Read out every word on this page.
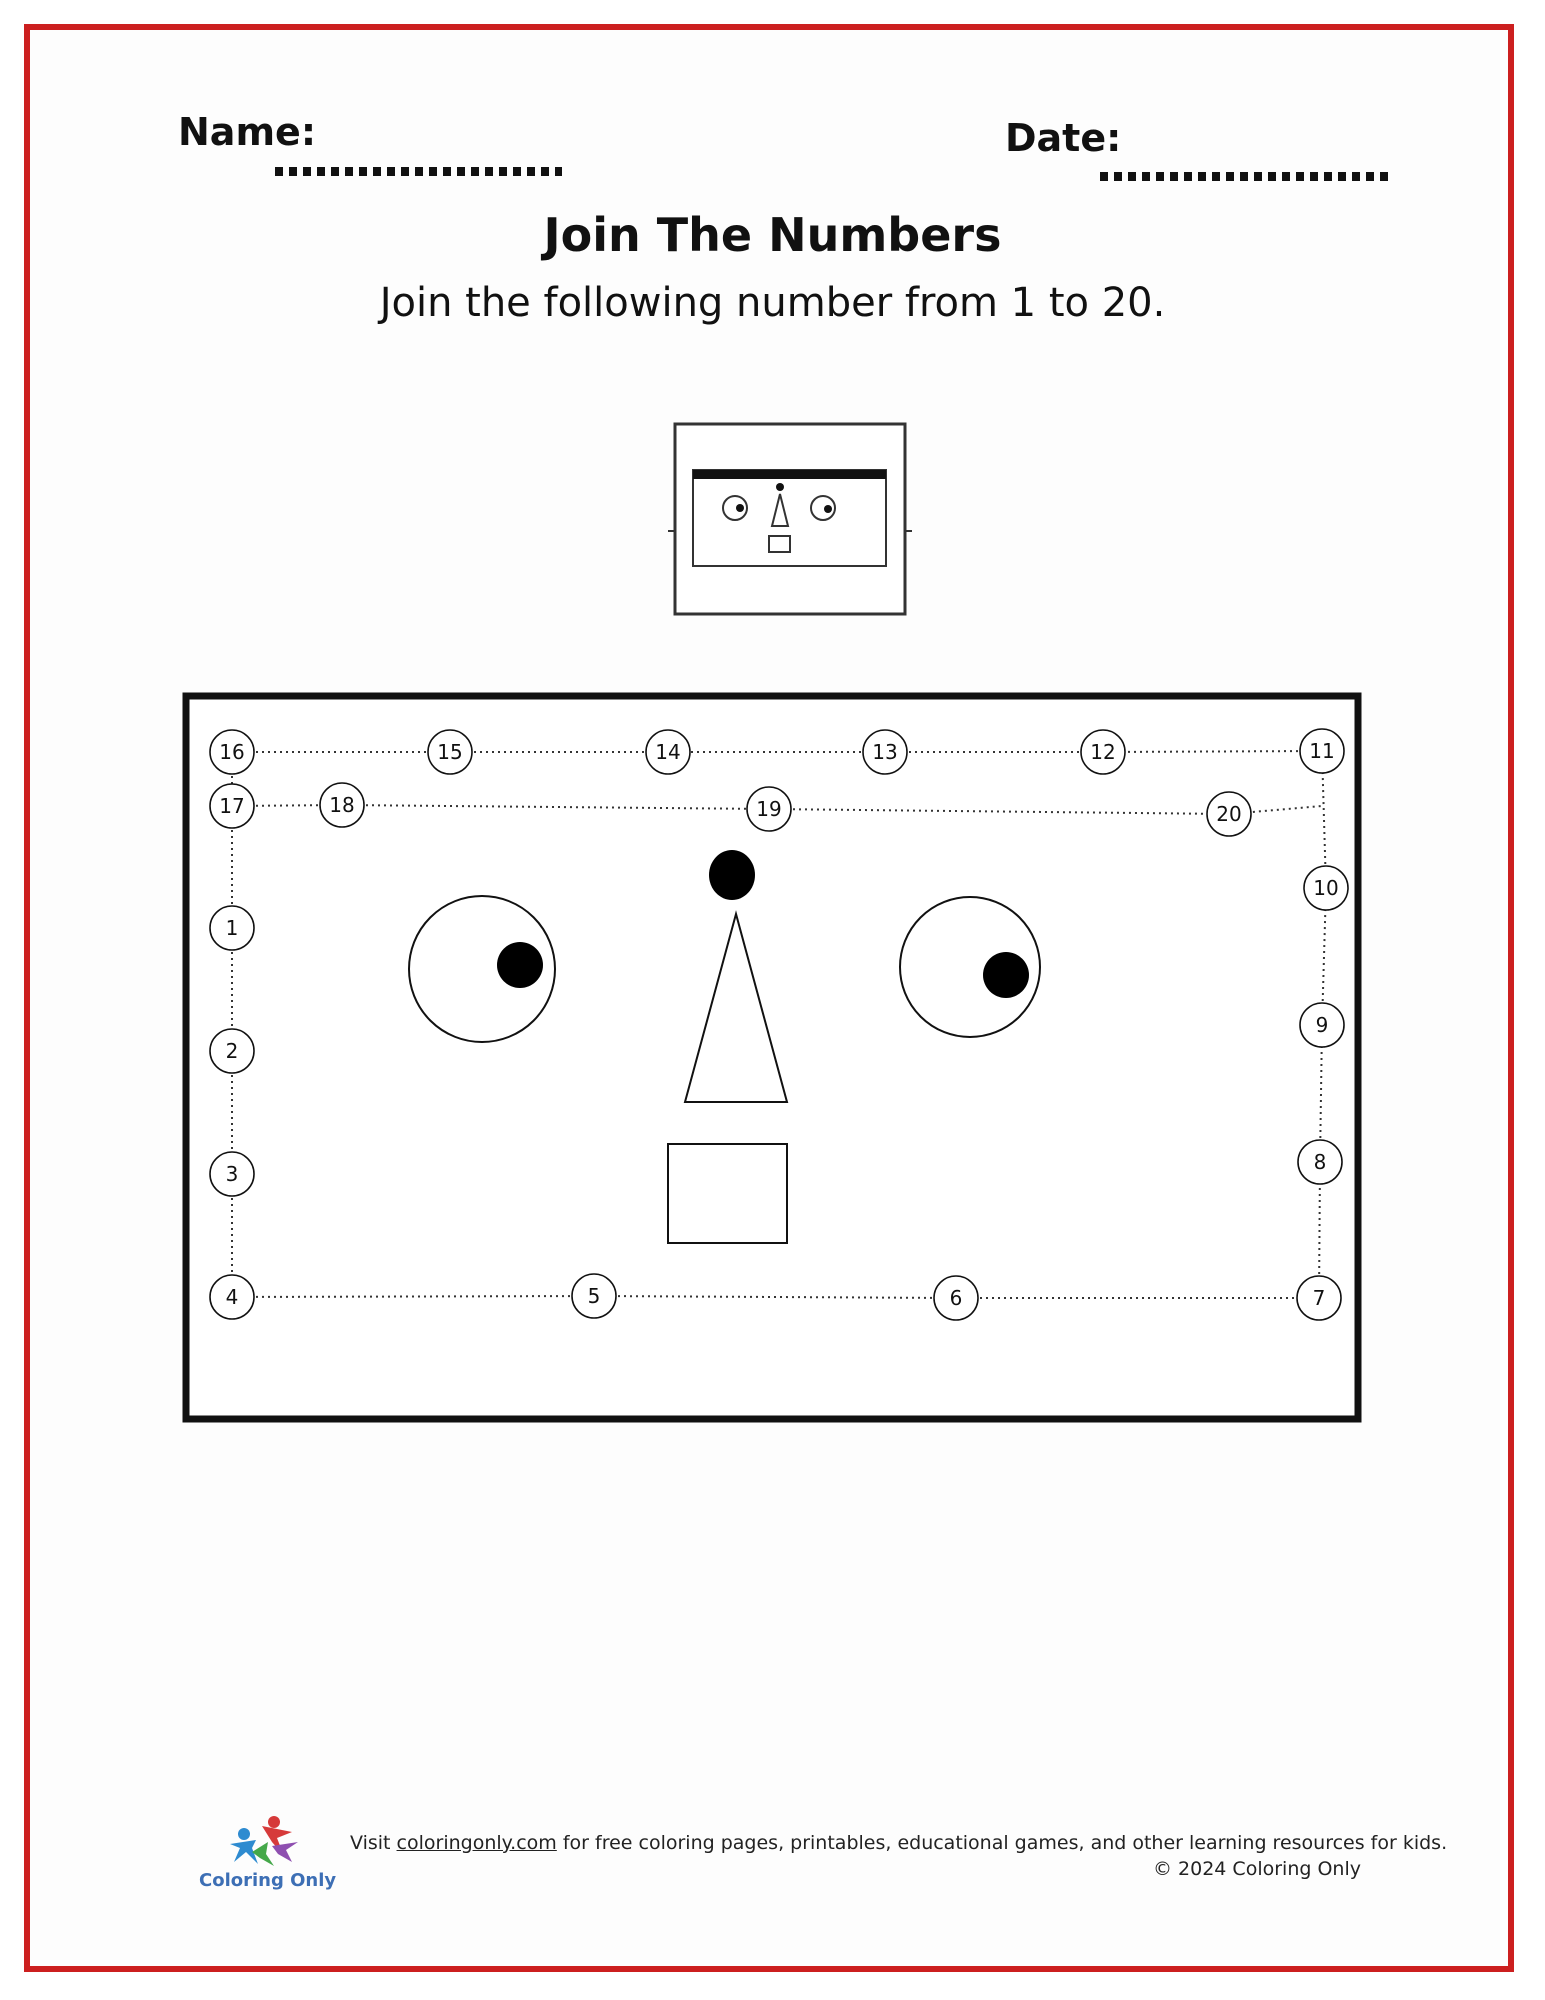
Name:	Date:
Join The Numbers
Join the following number from 1 to 20.
1
2
3
4	5	6	7
8
9
10
11
12
13
14
15
16
17	18	19	20
Coloring Only
Visit coloringonly.com for free coloring pages, printables, educational games, and other learning resources for kids.
© 2024 Coloring Only
